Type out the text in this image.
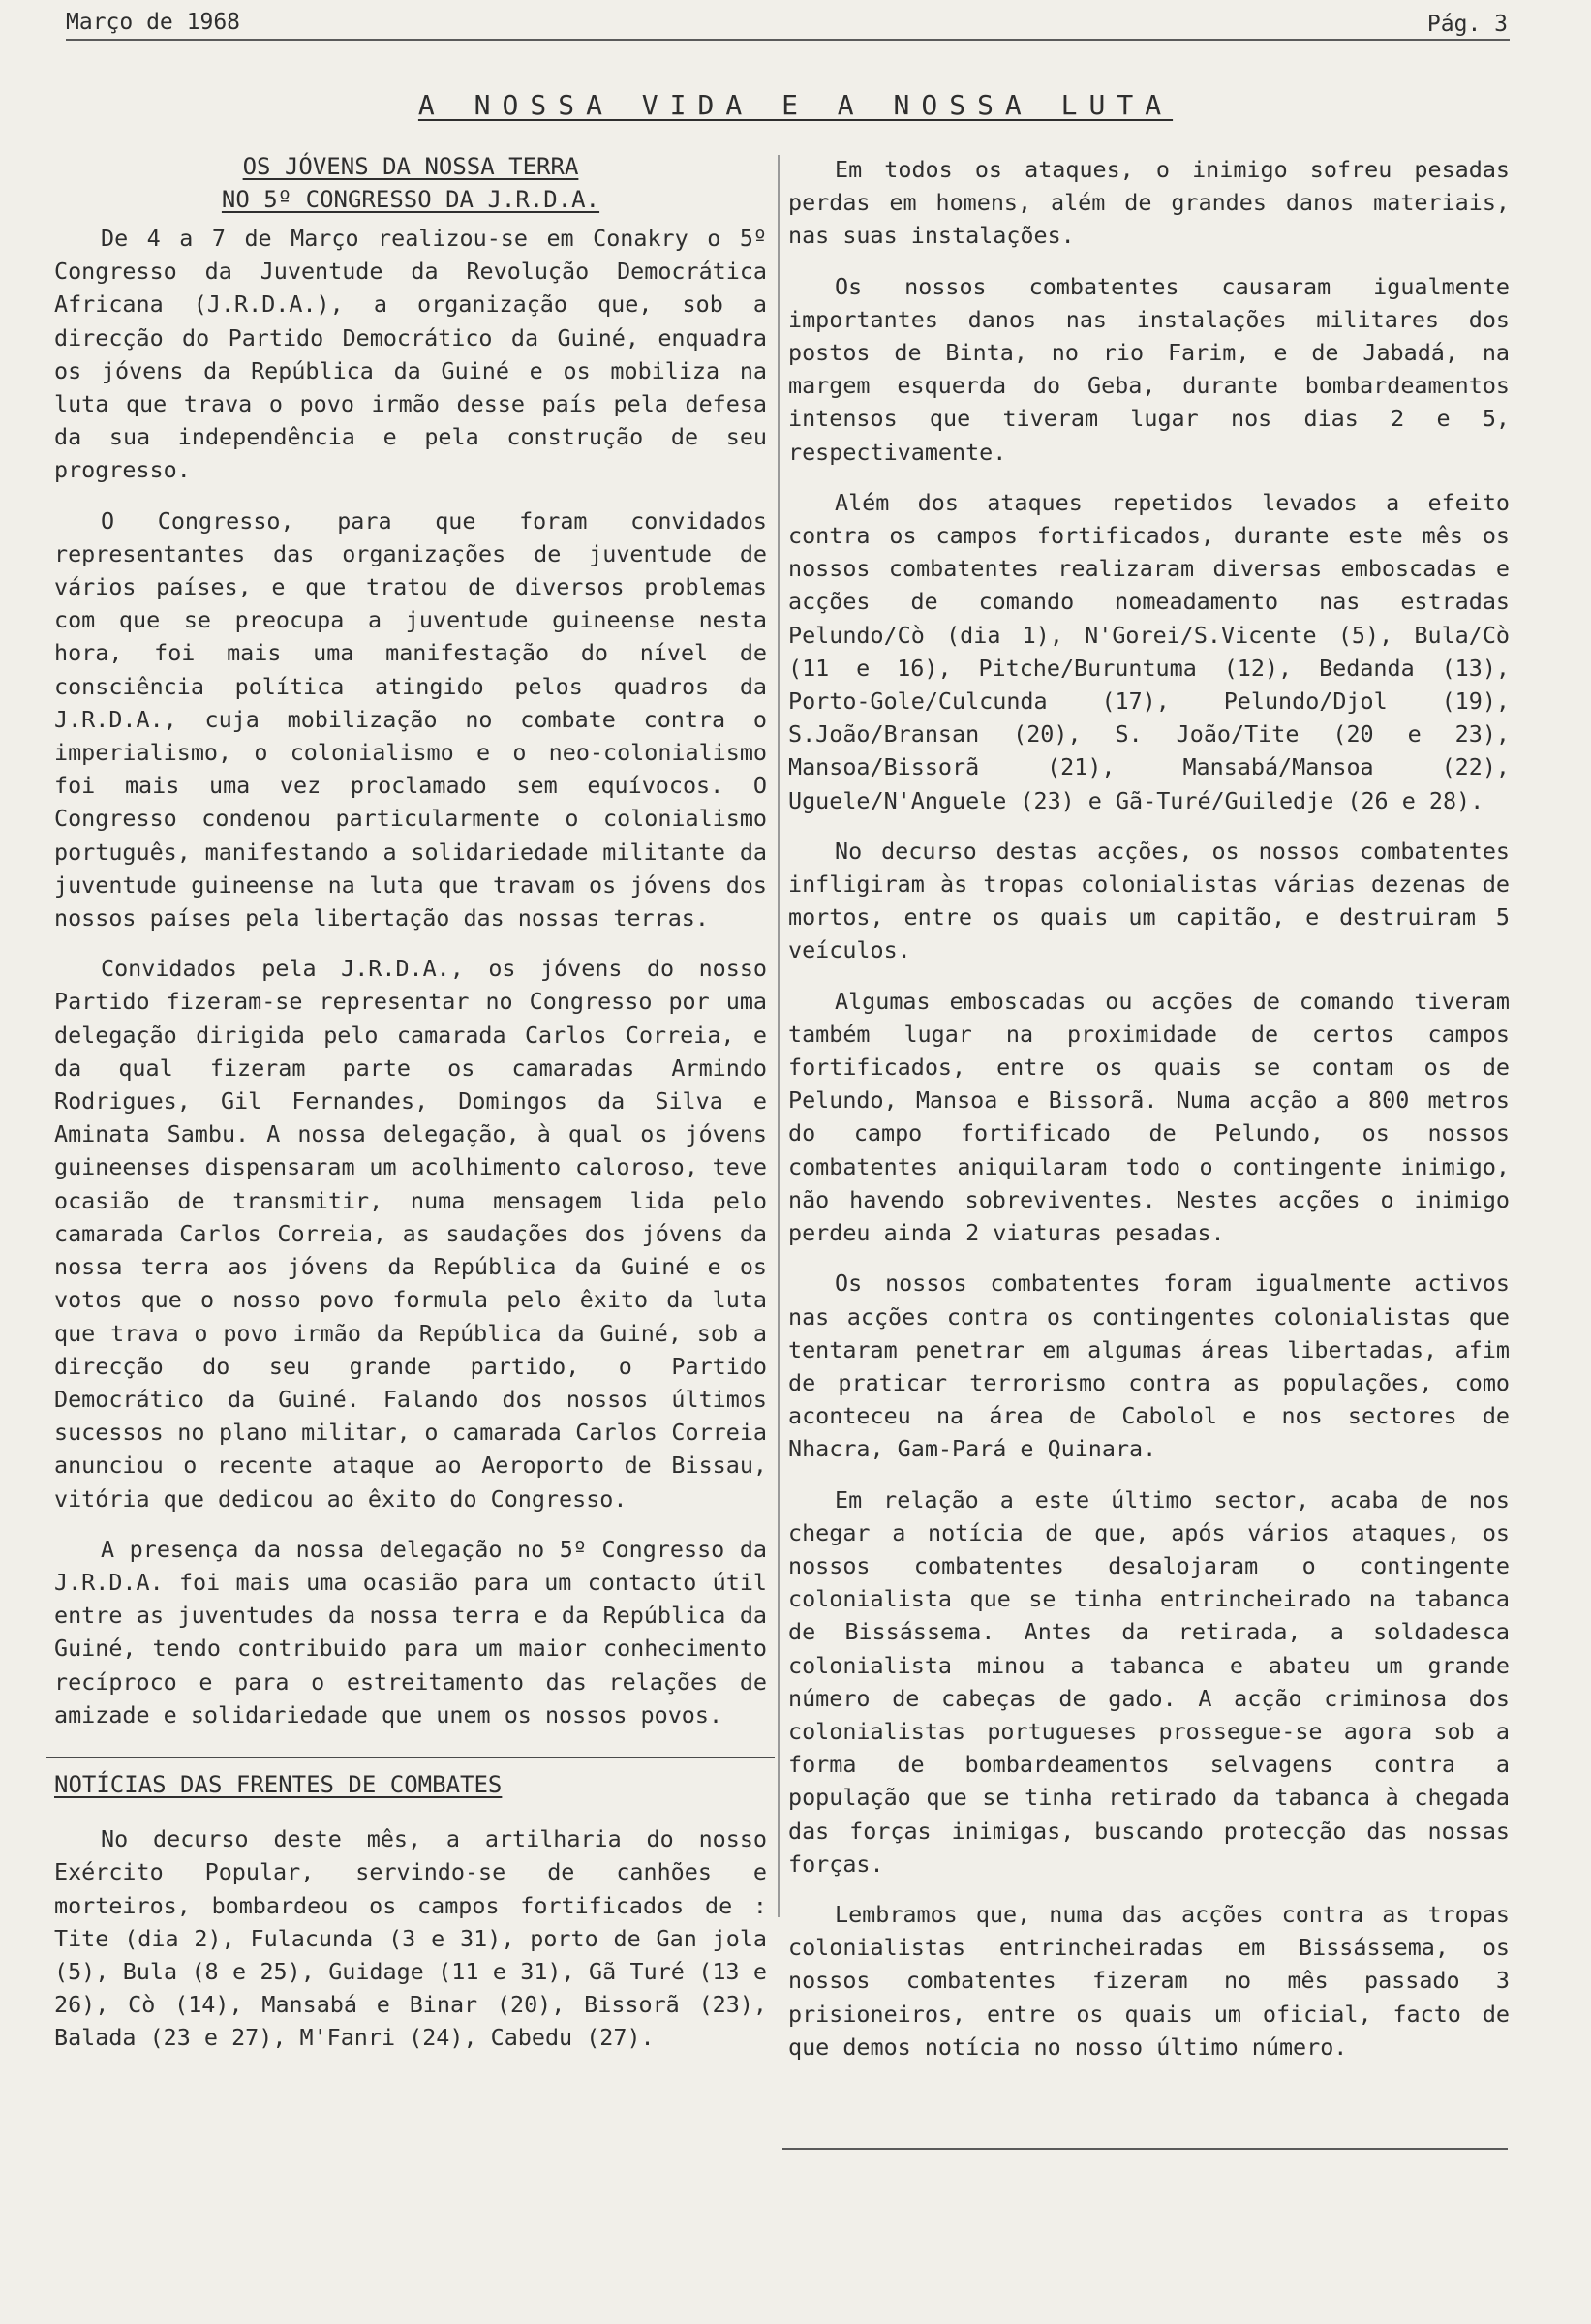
Março de 1968	Pág. 3
A NOSSA VIDA E A NOSSA LUTA
OS JÓVENS DA NOSSA TERRA
NO 5º CONGRESSO DA J.R.D.A.

De 4 a 7 de Março realizou-se em Conakry o 5º Congresso da Juventude da Revolução Democrática Africana (J.R.D.A.), a organização que, sob a direcção do Partido Democrático da Guiné, enquadra os jóvens da República da Guiné e os mobiliza na luta que trava o povo irmão desse país pela defesa da sua independência e pela construção de seu progresso.

O Congresso, para que foram convidados representantes das organizações de juventude de vários países, e que tratou de diversos problemas com que se preocupa a juventude guineense nesta hora, foi mais uma manifestação do nível de consciência política atingido pelos quadros da J.R.D.A., cuja mobilização no combate contra o imperialismo, o colonialismo e o neo-colonialismo foi mais uma vez proclamado sem equívocos. O Congresso condenou particularmente o colonialismo português, manifestando a solidariedade militante da juventude guineense na luta que travam os jóvens dos nossos países pela libertação das nossas terras.

Convidados pela J.R.D.A., os jóvens do nosso Partido fizeram-se representar no Congresso por uma delegação dirigida pelo camarada Carlos Correia, e da qual fizeram parte os camaradas Armindo Rodrigues, Gil Fernandes, Domingos da Silva e Aminata Sambu. A nossa delegação, à qual os jóvens guineenses dispensaram um acolhimento caloroso, teve ocasião de transmitir, numa mensagem lida pelo camarada Carlos Correia, as saudações dos jóvens da nossa terra aos jóvens da República da Guiné e os votos que o nosso povo formula pelo êxito da luta que trava o povo irmão da República da Guiné, sob a direcção do seu grande partido, o Partido Democrático da Guiné. Falando dos nossos últimos sucessos no plano militar, o camarada Carlos Correia anunciou o recente ataque ao Aeroporto de Bissau, vitória que dedicou ao êxito do Congresso.

A presença da nossa delegação no 5º Congresso da J.R.D.A. foi mais uma ocasião para um contacto útil entre as juventudes da nossa terra e da República da Guiné, tendo contribuido para um maior conhecimento recíproco e para o estreitamento das relações de amizade e solidariedade que unem os nossos povos.

NOTÍCIAS DAS FRENTES DE COMBATES

No decurso deste mês, a artilharia do nosso Exército Popular, servindo-se de canhões e morteiros, bombardeou os campos fortificados de : Tite (dia 2), Fulacunda (3 e 31), porto de Gan jola (5), Bula (8 e 25), Guidage (11 e 31), Gã Turé (13 e 26), Cò (14), Mansabá e Binar (20), Bissorã (23), Balada (23 e 27), M'Fanri (24), Cabedu (27).

Em todos os ataques, o inimigo sofreu pesadas perdas em homens, além de grandes danos materiais, nas suas instalações.

Os nossos combatentes causaram igualmente importantes danos nas instalações militares dos postos de Binta, no rio Farim, e de Jabadá, na margem esquerda do Geba, durante bombardeamentos intensos que tiveram lugar nos dias 2 e 5, respectivamente.

Além dos ataques repetidos levados a efeito contra os campos fortificados, durante este mês os nossos combatentes realizaram diversas emboscadas e acções de comando nomeadamento nas estradas Pelundo/Cò (dia 1), N'Gorei/S.Vicente (5), Bula/Cò (11 e 16), Pitche/Buruntuma (12), Bedanda (13), Porto-Gole/Culcunda (17), Pelundo/Djol (19), S.João/Bransan (20), S. João/Tite (20 e 23), Mansoa/Bissorã (21), Mansabá/Mansoa (22), Uguele/N'Anguele (23) e Gã-Turé/Guiledje (26 e 28).

No decurso destas acções, os nossos combatentes infligiram às tropas colonialistas várias dezenas de mortos, entre os quais um capitão, e destruiram 5 veículos.

Algumas emboscadas ou acções de comando tiveram também lugar na proximidade de certos campos fortificados, entre os quais se contam os de Pelundo, Mansoa e Bissorã. Numa acção a 800 metros do campo fortificado de Pelundo, os nossos combatentes aniquilaram todo o contingente inimigo, não havendo sobreviventes. Nestes acções o inimigo perdeu ainda 2 viaturas pesadas.

Os nossos combatentes foram igualmente activos nas acções contra os contingentes colonialistas que tentaram penetrar em algumas áreas libertadas, afim de praticar terrorismo contra as populações, como aconteceu na área de Cabolol e nos sectores de Nhacra, Gam-Pará e Quinara.

Em relação a este último sector, acaba de nos chegar a notícia de que, após vários ataques, os nossos combatentes desalojaram o contingente colonialista que se tinha entrincheirado na tabanca de Bissássema. Antes da retirada, a soldadesca colonialista minou a tabanca e abateu um grande número de cabeças de gado. A acção criminosa dos colonialistas portugueses prossegue-se agora sob a forma de bombardeamentos selvagens contra a população que se tinha retirado da tabanca à chegada das forças inimigas, buscando protecção das nossas forças.

Lembramos que, numa das acções contra as tropas colonialistas entrincheiradas em Bissássema, os nossos combatentes fizeram no mês passado 3 prisioneiros, entre os quais um oficial, facto de que demos notícia no nosso último número.
